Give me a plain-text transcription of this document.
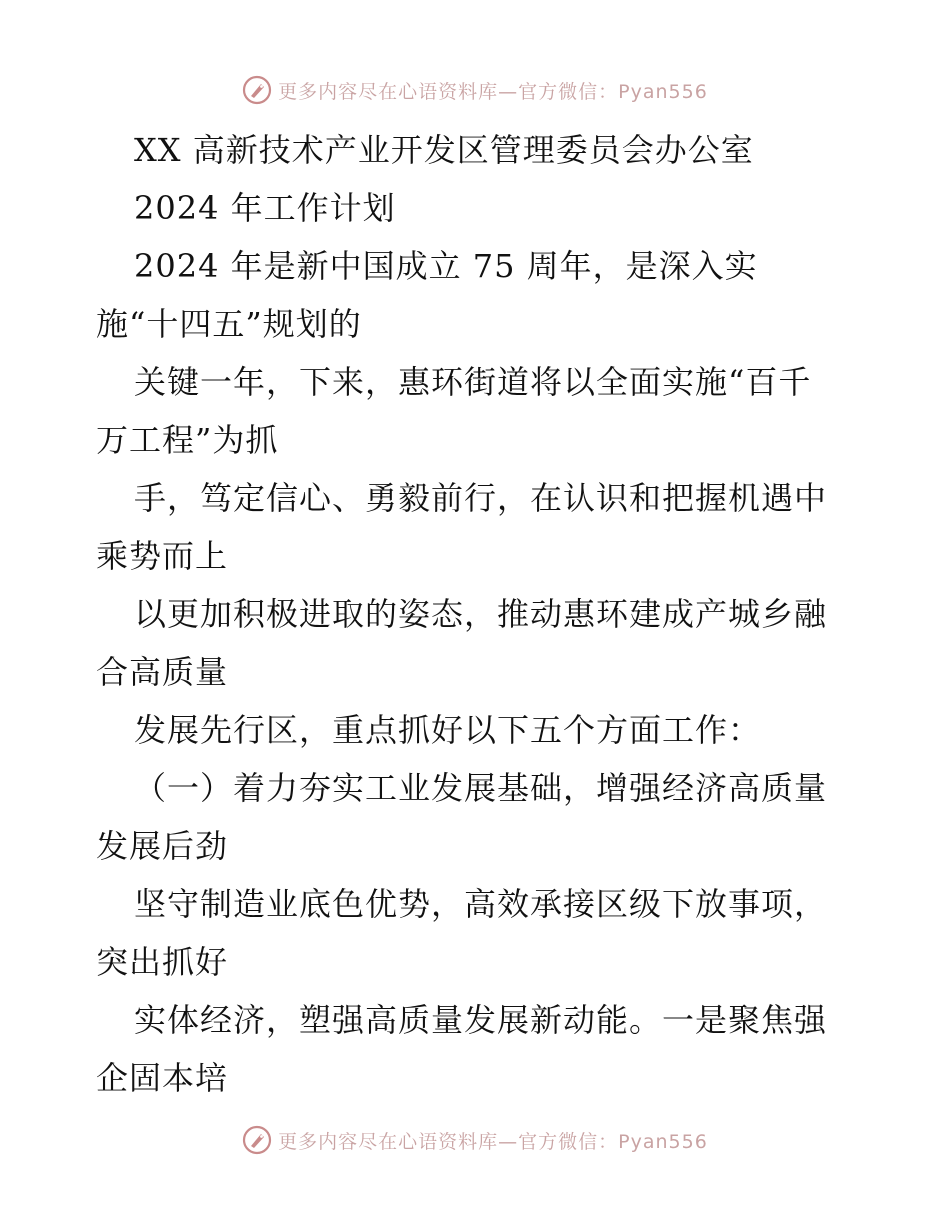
更多内容尽在心语资料库—官方微信：Pyan556
XX 高新技术产业开发区管理委员会办公室
2024 年工作计划
2024 年是新中国成立 75 周年，是深入实
施“十四五”规划的
关键一年，下来，惠环街道将以全面实施“百千
万工程”为抓
手，笃定信心、勇毅前行，在认识和把握机遇中
乘势而上
以更加积极进取的姿态，推动惠环建成产城乡融
合高质量
发展先行区，重点抓好以下五个方面工作：
（一）着力夯实工业发展基础，增强经济高质量
发展后劲
坚守制造业底色优势，高效承接区级下放事项，
突出抓好
实体经济，塑强高质量发展新动能。一是聚焦强
企固本培
更多内容尽在心语资料库—官方微信：Pyan556
